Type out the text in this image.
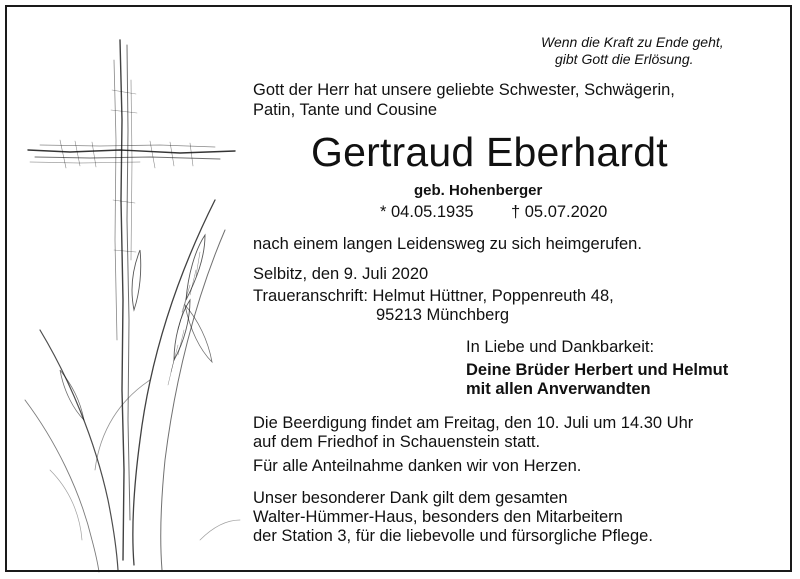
Wenn die Kraft zu Ende geht,
gibt Gott die Erlösung.
Gott der Herr hat unsere geliebte Schwester, Schwägerin,
Patin, Tante und Cousine
Gertraud Eberhardt
geb. Hohenberger
* 04.05.1935 † 05.07.2020
nach einem langen Leidensweg zu sich heimgerufen.
Selbitz, den 9. Juli 2020
Traueranschrift: Helmut Hüttner, Poppenreuth 48,
95213 Münchberg
In Liebe und Dankbarkeit:
Deine Brüder Herbert und Helmut
mit allen Anverwandten
Die Beerdigung findet am Freitag, den 10. Juli um 14.30 Uhr
auf dem Friedhof in Schauenstein statt.
Für alle Anteilnahme danken wir von Herzen.
Unser besonderer Dank gilt dem gesamten
Walter-Hümmer-Haus, besonders den Mitarbeitern
der Station 3, für die liebevolle und fürsorgliche Pflege.
